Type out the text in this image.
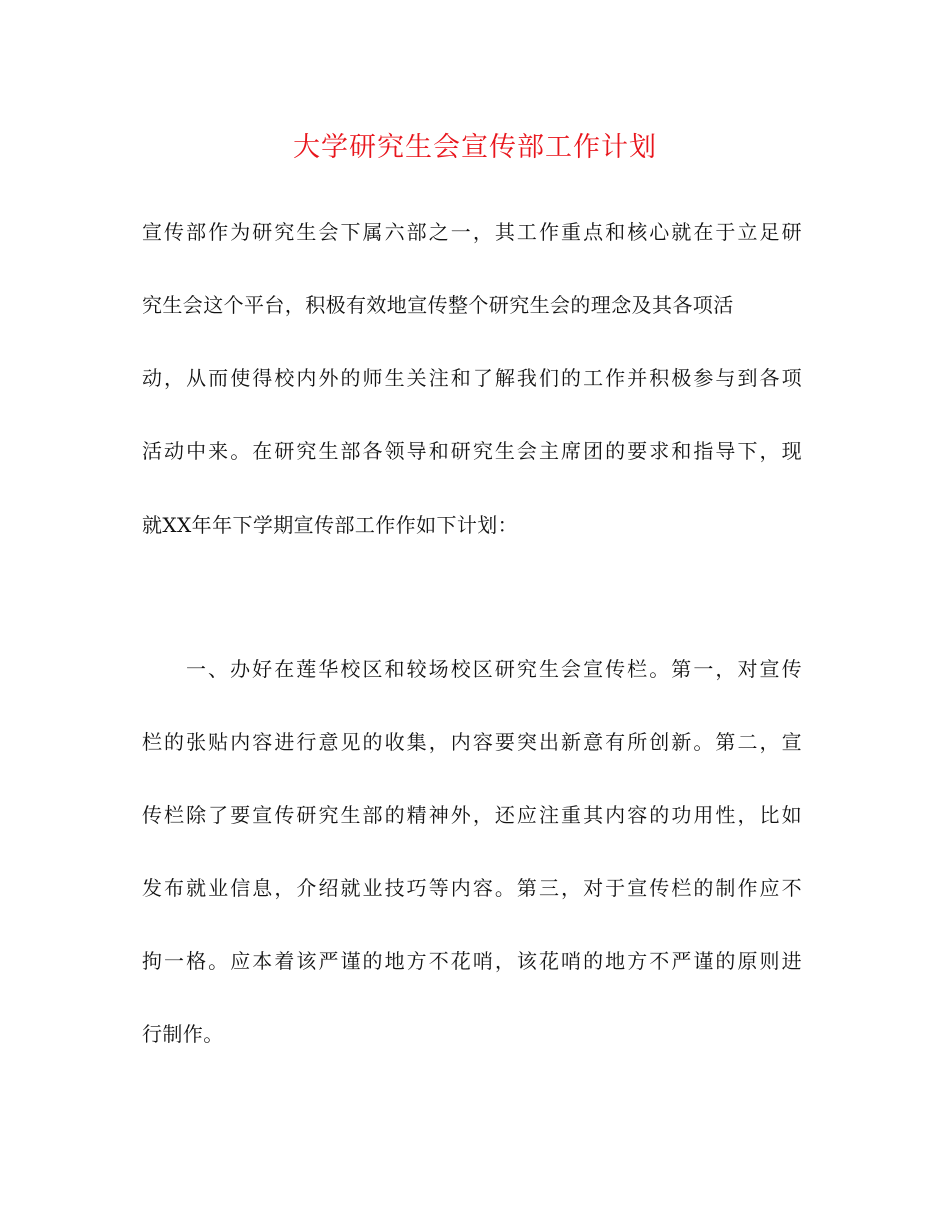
大学研究生会宣传部工作计划
宣传部作为研究生会下属六部之一，其工作重点和核心就在于立足研
究生会这个平台，积极有效地宣传整个研究生会的理念及其各项活
动，从而使得校内外的师生关注和了解我们的工作并积极参与到各项
活动中来。在研究生部各领导和研究生会主席团的要求和指导下，现
就XX年年下学期宣传部工作作如下计划：
一、办好在莲华校区和较场校区研究生会宣传栏。第一，对宣传
栏的张贴内容进行意见的收集，内容要突出新意有所创新。第二，宣
传栏除了要宣传研究生部的精神外，还应注重其内容的功用性，比如
发布就业信息，介绍就业技巧等内容。第三，对于宣传栏的制作应不
拘一格。应本着该严谨的地方不花哨，该花哨的地方不严谨的原则进
行制作。
